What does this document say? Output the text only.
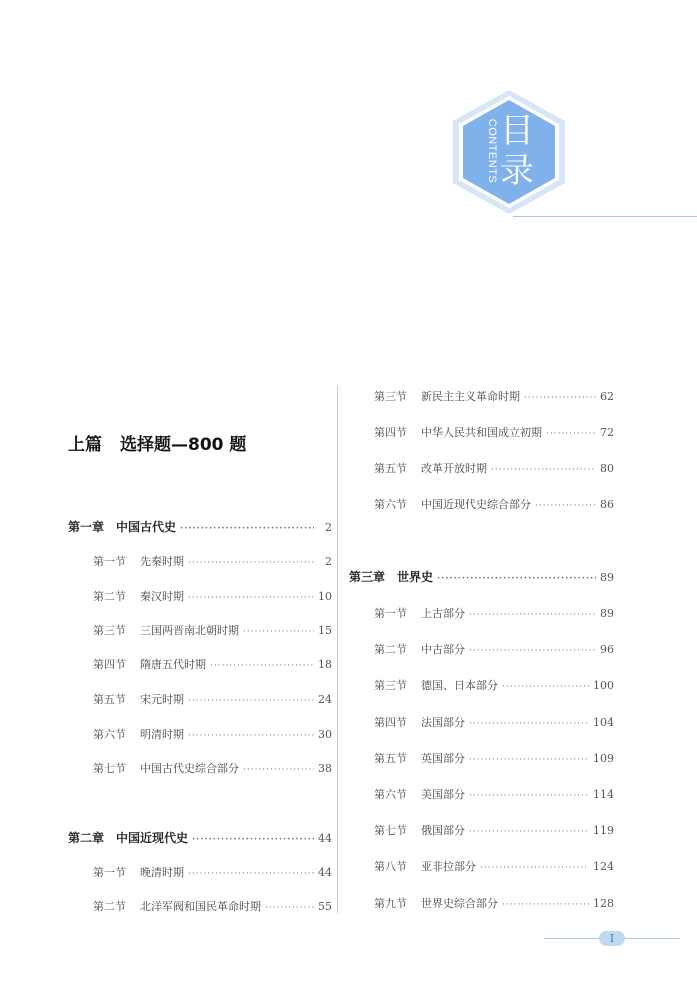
目录
CONTENTS
上篇 选择题—800 题
第一章 中国古代史 ·····	2
第一节 先秦时期 ·····	2
第二节 秦汉时期 ·····	10
第三节 三国两晋南北朝时期 ·····	15
第四节 隋唐五代时期 ·····	18
第五节 宋元时期 ·····	24
第六节 明清时期 ·····	30
第七节 中国古代史综合部分 ·····	38
第二章 中国近现代史 ·····	44
第一节 晚清时期 ·····	44
第二节 北洋军阀和国民革命时期 ·····	55
第三节 新民主主义革命时期 ·····	62
第四节 中华人民共和国成立初期 ·····	72
第五节 改革开放时期 ·····	80
第六节 中国近现代史综合部分 ·····	86
第三章 世界史 ·····	89
第一节 上古部分 ·····	89
第二节 中古部分 ·····	96
第三节 德国、日本部分 ·····	100
第四节 法国部分 ·····	104
第五节 英国部分 ·····	109
第六节 美国部分 ·····	114
第七节 俄国部分 ·····	119
第八节 亚非拉部分 ·····	124
第九节 世界史综合部分 ·····	128
I
